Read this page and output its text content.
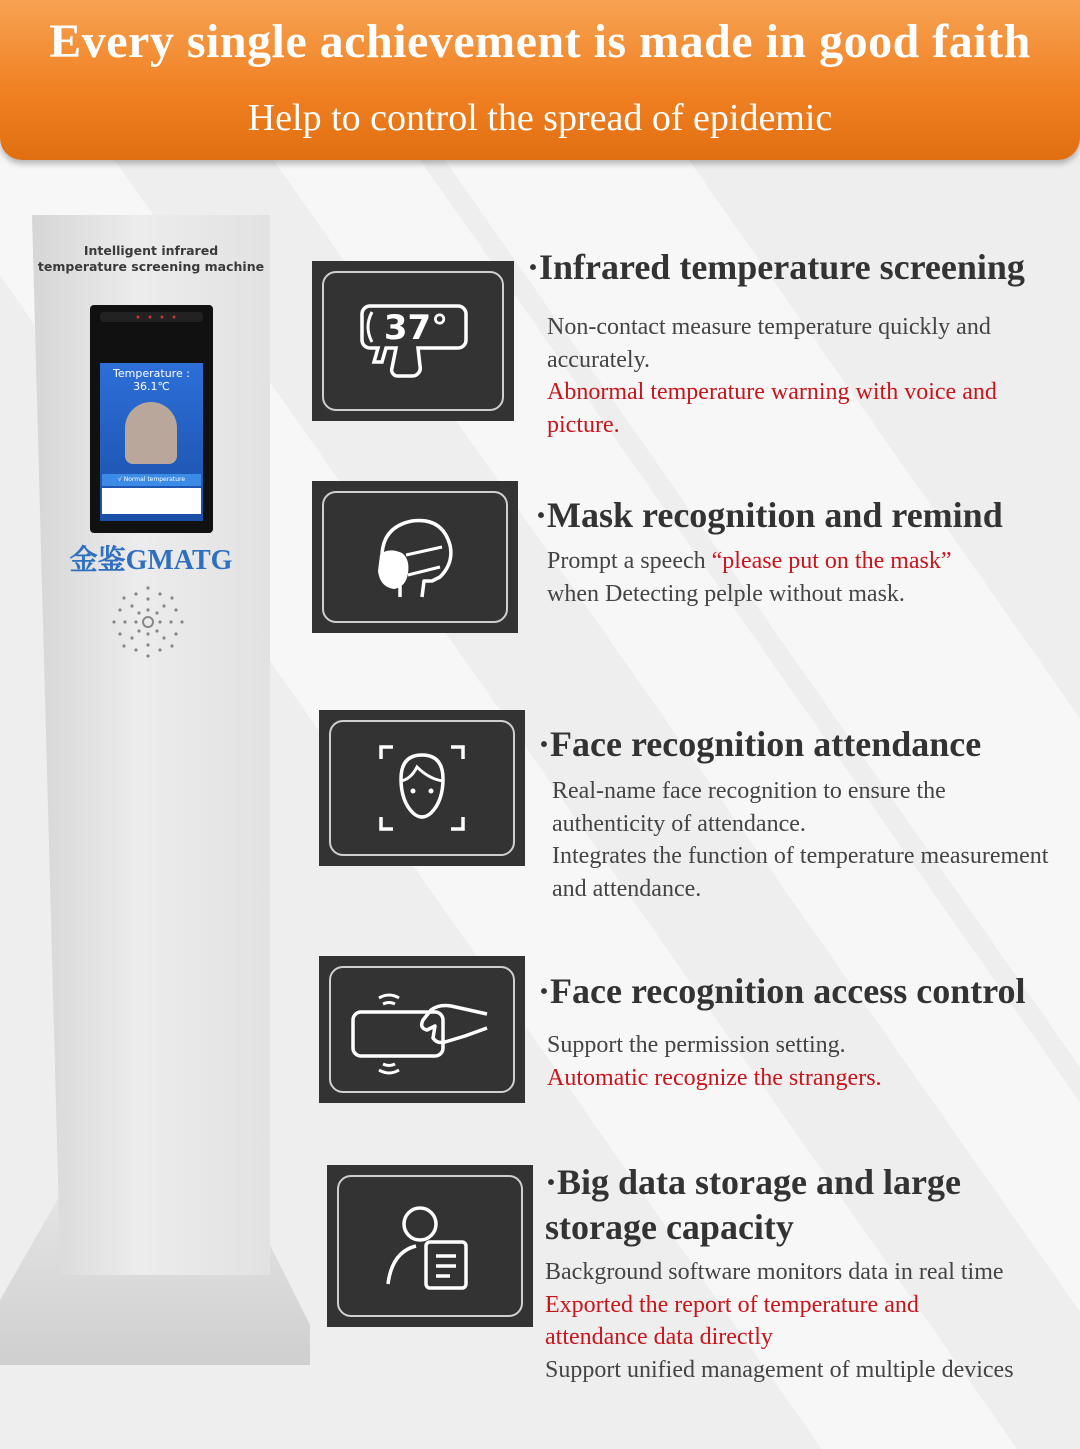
Every single achievement is made in good faith
Help to control the spread of epidemic
Intelligent infrared
temperature screening machine
Temperature :
36.1℃
√ Normal temperature
金鉴GMATG
37°
·Infrared temperature screening
Non-contact measure temperature quickly and accurately.
Abnormal temperature warning with voice and picture.
·Mask recognition and remind
Prompt a speech “please put on the mask”
when Detecting pelple without mask.
·Face recognition attendance
Real-name face recognition to ensure the authenticity of attendance.
Integrates the function of temperature measurement and attendance.
·Face recognition access control
Support the permission setting.
Automatic recognize the strangers.
·Big data storage and large
storage capacity
Background software monitors data in real time
Exported the report of temperature and attendance data directly
Support unified management of multiple devices
